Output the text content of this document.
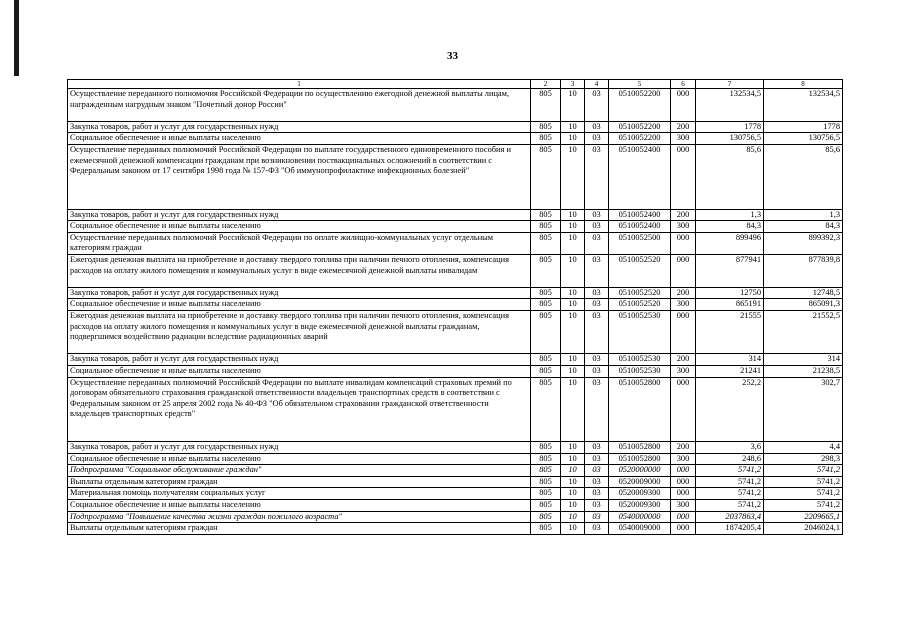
33
1	2	3	4	5	6	7	8
Осуществление переданного полномочия Российской Федерации по осуществлению ежегодной денежной выплаты лицам, награжденным нагрудным знаком "Почетный донор России"	805	10	03	0510052200	000	132534,5	132534,5
Закупка товаров, работ и услуг для государственных нужд	805	10	03	0510052200	200	1778	1778
Социальное обеспечение и иные выплаты населению	805	10	03	0510052200	300	130756,5	130756,5
Осуществление переданных полномочий Российской Федерации по выплате государственного единовременного пособия и ежемесячной денежной компенсации гражданам при возникновении поствакцинальных осложнений в соответствии с Федеральным законом от 17 сентября 1998 года № 157-ФЗ "Об иммунопрофилактике инфекционных болезней"	805	10	03	0510052400	000	85,6	85,6
Закупка товаров, работ и услуг для государственных нужд	805	10	03	0510052400	200	1,3	1,3
Социальное обеспечение и иные выплаты населению	805	10	03	0510052400	300	84,3	84,3
Осуществление переданных полномочий Российской Федерации по оплате жилищно-коммунальных услуг отдельным категориям граждан	805	10	03	0510052500	000	899496	899392,3
Ежегодная денежная выплата на приобретение и доставку твердого топлива при наличии печного отопления, компенсация расходов на оплату жилого помещения и коммунальных услуг в виде ежемесячной денежной выплаты инвалидам	805	10	03	0510052520	000	877941	877839,8
Закупка товаров, работ и услуг для государственных нужд	805	10	03	0510052520	200	12750	12748,5
Социальное обеспечение и иные выплаты населению	805	10	03	0510052520	300	865191	865091,3
Ежегодная денежная выплата на приобретение и доставку твердого топлива при наличии печного отопления, компенсация расходов на оплату жилого помещения и коммунальных услуг в виде ежемесячной денежной выплаты гражданам, подвергшимся воздействию радиации вследствие радиационных аварий	805	10	03	0510052530	000	21555	21552,5
Закупка товаров, работ и услуг для государственных нужд	805	10	03	0510052530	200	314	314
Социальное обеспечение и иные выплаты населению	805	10	03	0510052530	300	21241	21238,5
Осуществление переданных полномочий Российской Федерации по выплате инвалидам компенсаций страховых премий по договорам обязательного страхования гражданской ответственности владельцев транспортных средств в соответствии с Федеральным законом от 25 апреля 2002 года № 40-ФЗ "Об обязательном страховании гражданской ответственности владельцев транспортных средств"	805	10	03	0510052800	000	252,2	302,7
Закупка товаров, работ и услуг для государственных нужд	805	10	03	0510052800	200	3,6	4,4
Социальное обеспечение и иные выплаты населению	805	10	03	0510052800	300	248,6	298,3
Подпрограмма "Социальное обслуживание граждан"	805	10	03	0520000000	000	5741,2	5741,2
Выплаты отдельным категориям граждан	805	10	03	0520009000	000	5741,2	5741,2
Материальная помощь получателям социальных услуг	805	10	03	0520009300	000	5741,2	5741,2
Социальное обеспечение и иные выплаты населению	805	10	03	0520009300	300	5741,2	5741,2
Подпрограмма "Повышение качества жизни граждан пожилого возраста"	805	10	03	0540000000	000	2037863,4	2209665,1
Выплаты отдельным категориям граждан	805	10	03	0540009000	000	1874205,4	2046024,1
